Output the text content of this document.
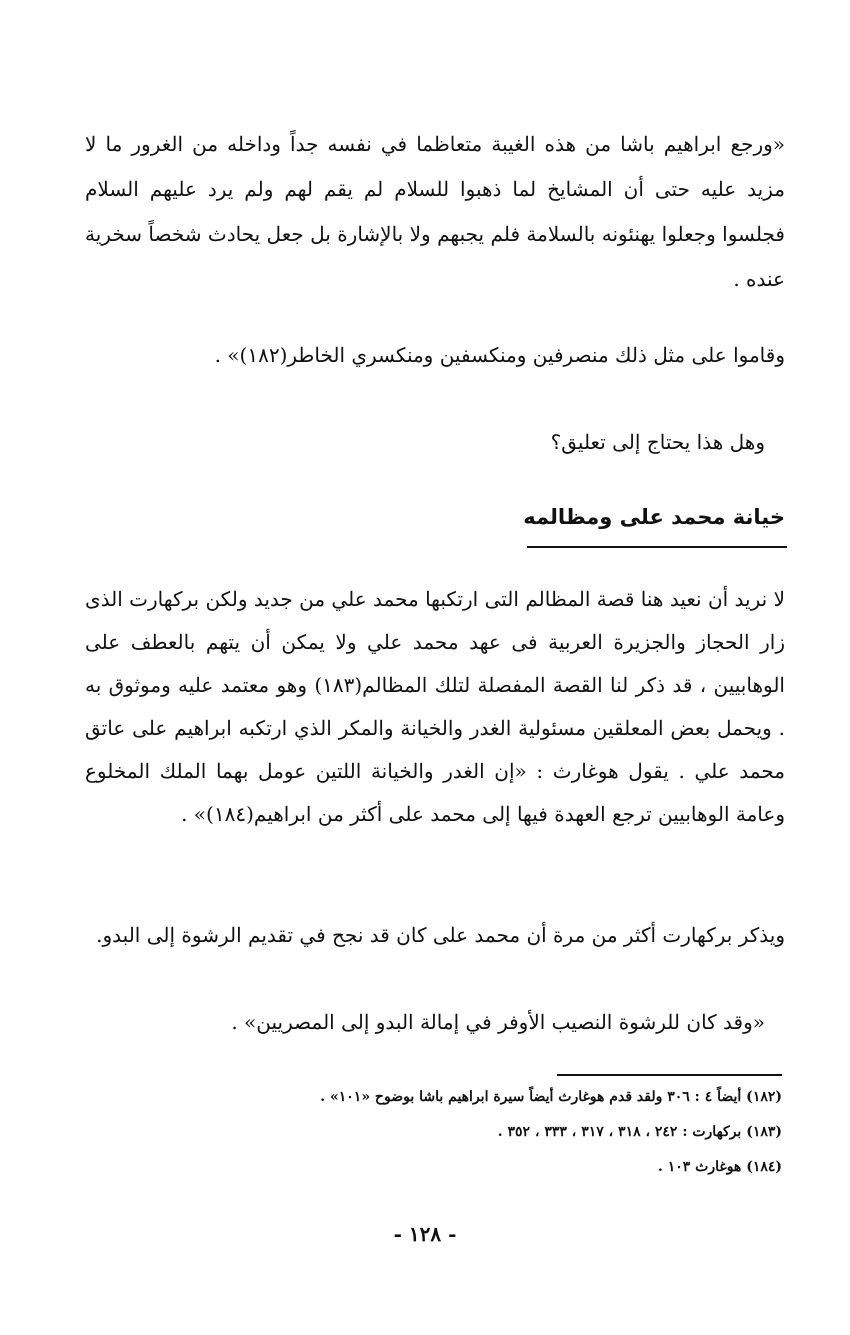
«ورجع ابراهيم باشا من هذه الغيبة متعاظما في نفسه جداً وداخله من الغرور ما لا مزيد عليه حتى أن المشايخ لما ذهبوا للسلام لم يقم لهم ولم يرد عليهم السلام فجلسوا وجعلوا يهنئونه بالسلامة فلم يجبهم ولا بالإشارة بل جعل يحادث شخصاً سخرية عنده .

وقاموا على مثل ذلك منصرفين ومنكسفين ومنكسري الخاطر(١٨٢)» .

وهل هذا يحتاج إلى تعليق؟

خيانة محمد على ومظالمه

لا نريد أن نعيد هنا قصة المظالم التى ارتكبها محمد علي من جديد ولكن بركهارت الذى زار الحجاز والجزيرة العربية فى عهد محمد علي ولا يمكن أن يتهم بالعطف على الوهابيين ، قد ذكر لنا القصة المفصلة لتلك المظالم(١٨٣) وهو معتمد عليه وموثوق به . ويحمل بعض المعلقين مسئولية الغدر والخيانة والمكر الذي ارتكبه ابراهيم على عاتق محمد علي . يقول هوغارث : «إن الغدر والخيانة اللتين عومل بهما الملك المخلوع وعامة الوهابيين ترجع العهدة فيها إلى محمد على أكثر من ابراهيم(١٨٤)» .

ويذكر بركهارت أكثر من مرة أن محمد على كان قد نجح في تقديم الرشوة إلى البدو.

«وقد كان للرشوة النصيب الأوفر في إمالة البدو إلى المصريين» .

(١٨٢) أيضاً ٤ : ٣٠٦ ولقد قدم هوغارث أيضاً سيرة ابراهيم باشا بوضوح «١٠١» .
(١٨٣) بركهارت : ٢٤٢ ، ٣١٨ ، ٣١٧ ، ٣٣٣ ، ٣٥٢ .
(١٨٤) هوغارث ١٠٣ .
- ١٢٨ -
